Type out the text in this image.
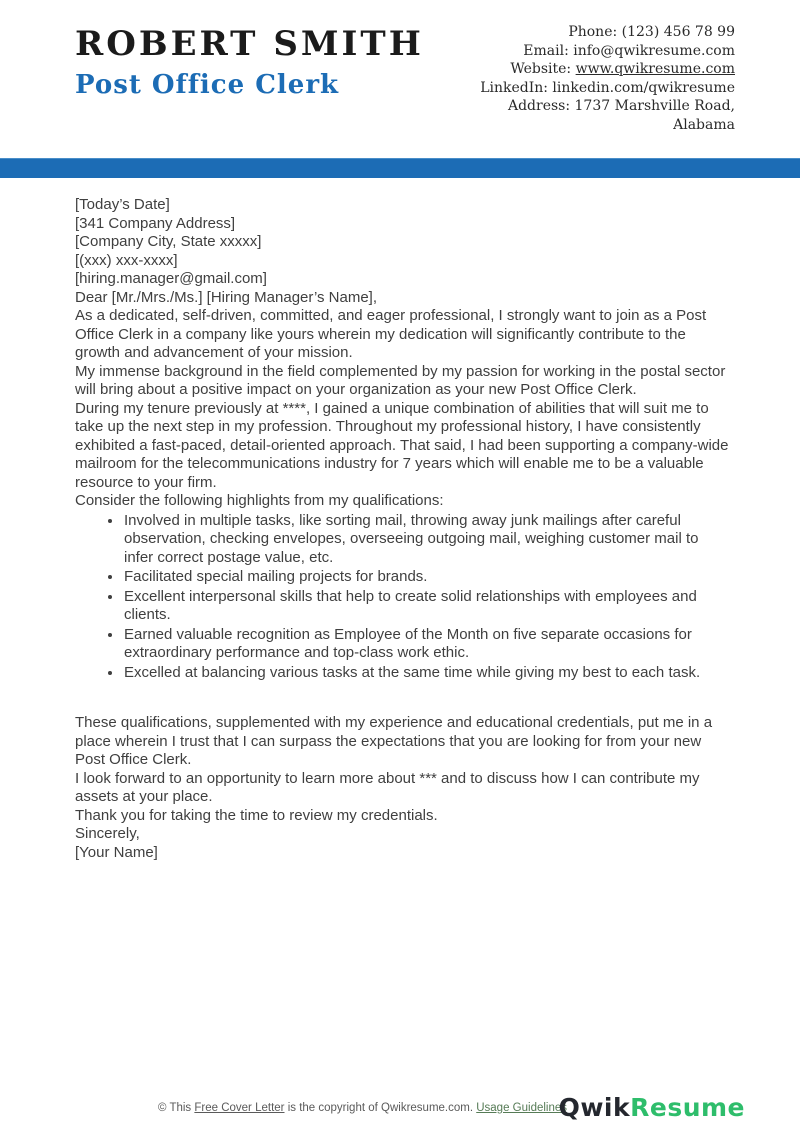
ROBERT SMITH
Post Office Clerk
Phone: (123) 456 78 99
Email: info@qwikresume.com
Website: www.qwikresume.com
LinkedIn: linkedin.com/qwikresume
Address: 1737 Marshville Road,
Alabama

[Today’s Date]

[341 Company Address]
[Company City, State xxxxx]
[(xxx) xxx-xxxx]
[hiring.manager@gmail.com]

Dear [Mr./Mrs./Ms.] [Hiring Manager’s Name],

As a dedicated, self-driven, committed, and eager professional, I strongly want to join as a Post Office Clerk in a company like yours wherein my dedication will significantly contribute to the growth and advancement of your mission.

My immense background in the field complemented by my passion for working in the postal sector will bring about a positive impact on your organization as your new Post Office Clerk.

During my tenure previously at ****, I gained a unique combination of abilities that will suit me to take up the next step in my profession. Throughout my professional history, I have consistently exhibited a fast-paced, detail-oriented approach. That said, I had been supporting a company-wide mailroom for the telecommunications industry for 7 years which will enable me to be a valuable resource to your firm.

Consider the following highlights from my qualifications:

• Involved in multiple tasks, like sorting mail, throwing away junk mailings after careful observation, checking envelopes, overseeing outgoing mail, weighing customer mail to infer correct postage value, etc.
• Facilitated special mailing projects for brands.
• Excellent interpersonal skills that help to create solid relationships with employees and clients.
• Earned valuable recognition as Employee of the Month on five separate occasions for extraordinary performance and top-class work ethic.
• Excelled at balancing various tasks at the same time while giving my best to each task.

These qualifications, supplemented with my experience and educational credentials, put me in a place wherein I trust that I can surpass the expectations that you are looking for from your new Post Office Clerk.

I look forward to an opportunity to learn more about *** and to discuss how I can contribute my assets at your place.

Thank you for taking the time to review my credentials.

Sincerely,
[Your Name]
© This Free Cover Letter is the copyright of Qwikresume.com. Usage Guidelines
QwikResume
